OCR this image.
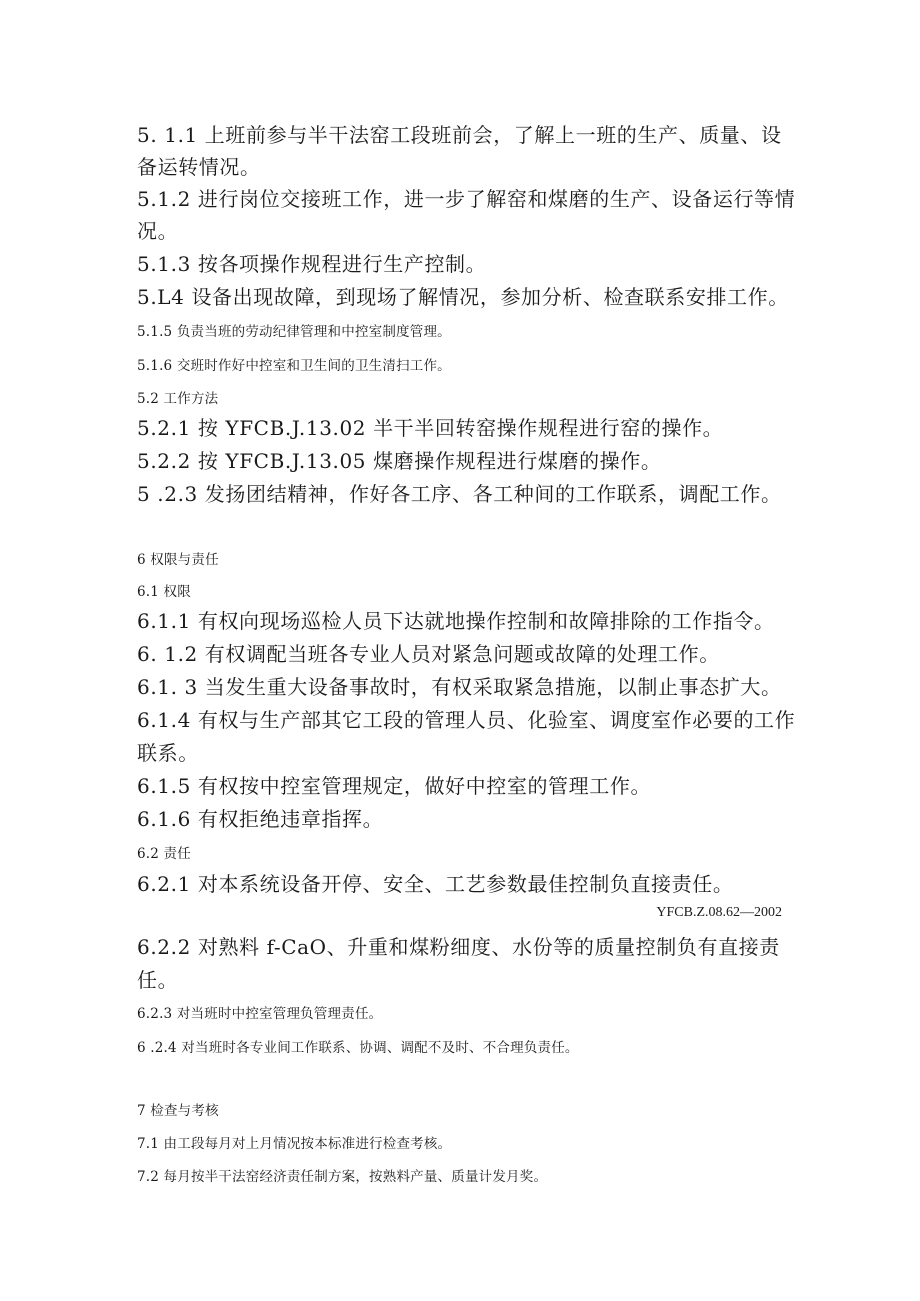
5. 1.1 上班前参与半干法窑工段班前会，了解上一班的生产、质量、设

备运转情况。

5.1.2 进行岗位交接班工作，进一步了解窑和煤磨的生产、设备运行等情

况。

5.1.3 按各项操作规程进行生产控制。

5.L4 设备出现故障，到现场了解情况，参加分析、检查联系安排工作。

5.1.5 负责当班的劳动纪律管理和中控室制度管理。

5.1.6 交班时作好中控室和卫生间的卫生清扫工作。

5.2 工作方法

5.2.1 按 YFCB.J.13.02 半干半回转窑操作规程进行窑的操作。

5.2.2 按 YFCB.J.13.05 煤磨操作规程进行煤磨的操作。

5 .2.3 发扬团结精神，作好各工序、各工种间的工作联系，调配工作。

6 权限与责任

6.1 权限

6.1.1 有权向现场巡检人员下达就地操作控制和故障排除的工作指令。

6. 1.2 有权调配当班各专业人员对紧急问题或故障的处理工作。

6.1. 3 当发生重大设备事故时，有权采取紧急措施，以制止事态扩大。

6.1.4 有权与生产部其它工段的管理人员、化验室、调度室作必要的工作

联系。

6.1.5 有权按中控室管理规定，做好中控室的管理工作。

6.1.6 有权拒绝违章指挥。

6.2 责任

6.2.1 对本系统设备开停、安全、工艺参数最佳控制负直接责任。

YFCB.Z.08.62—2002

6.2.2 对熟料 f-CaO、升重和煤粉细度、水份等的质量控制负有直接责

任。

6.2.3 对当班时中控室管理负管理责任。

6 .2.4 对当班时各专业间工作联系、协调、调配不及时、不合理负责任。

7 检查与考核

7.1 由工段每月对上月情况按本标准进行检查考核。

7.2 每月按半干法窑经济责任制方案，按熟料产量、质量计发月奖。
